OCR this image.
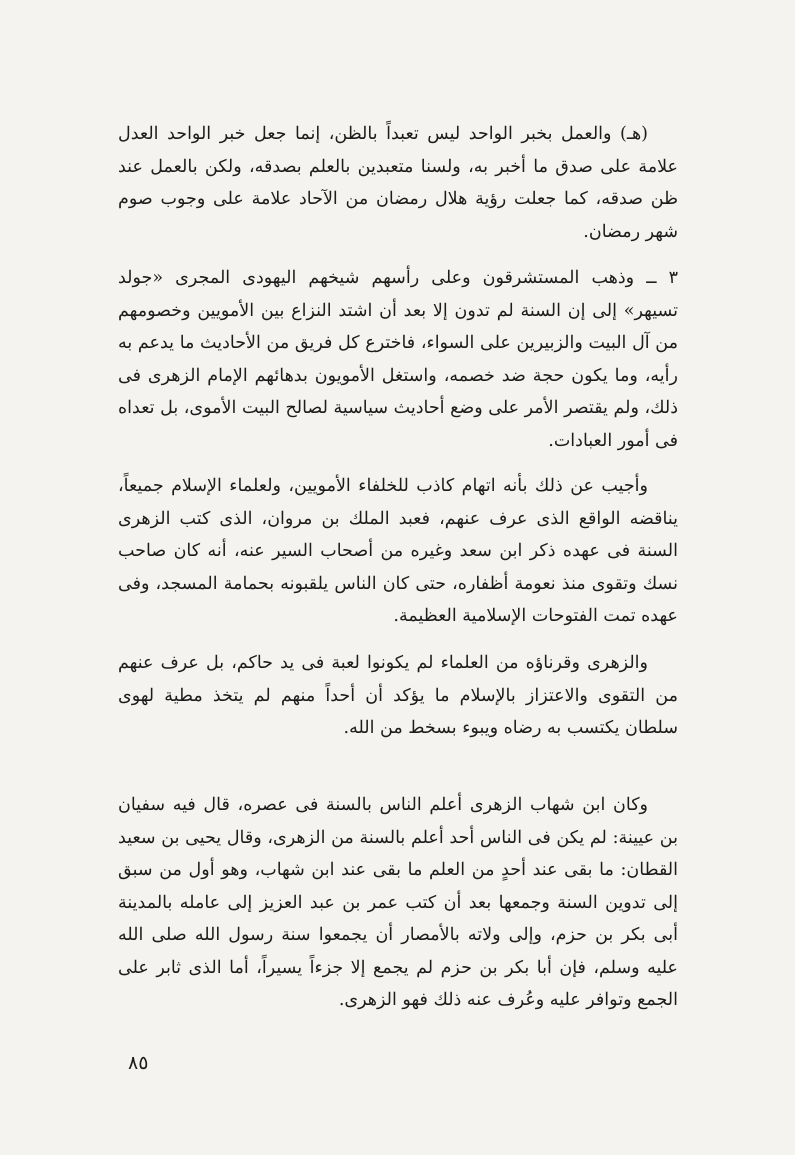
(هـ) والعمل بخبر الواحد ليس تعبداً بالظن، إنما جعل خبر الواحد العدل علامة على صدق ما أخبر به، ولسنا متعبدين بالعلم بصدقه، ولكن بالعمل عند ظن صدقه، كما جعلت رؤية هلال رمضان من الآحاد علامة على وجوب صوم شهر رمضان.

٣ ــ وذهب المستشرقون وعلى رأسهم شيخهم اليهودى المجرى «جولد تسيهر» إلى إن السنة لم تدون إلا بعد أن اشتد النزاع بين الأمويين وخصومهم من آل البيت والزبيرين على السواء، فاخترع كل فريق من الأحاديث ما يدعم به رأيه، وما يكون حجة ضد خصمه، واستغل الأمويون بدهائهم الإمام الزهرى فى ذلك، ولم يقتصر الأمر على وضع أحاديث سياسية لصالح البيت الأموى، بل تعداه فى أمور العبادات.

وأجيب عن ذلك بأنه اتهام كاذب للخلفاء الأمويين، ولعلماء الإسلام جميعاً، يناقضه الواقع الذى عرف عنهم، فعبد الملك بن مروان، الذى كتب الزهرى السنة فى عهده ذكر ابن سعد وغيره من أصحاب السير عنه، أنه كان صاحب نسك وتقوى منذ نعومة أظفاره، حتى كان الناس يلقبونه بحمامة المسجد، وفى عهده تمت الفتوحات الإسلامية العظيمة.

والزهرى وقرناؤه من العلماء لم يكونوا لعبة فى يد حاكم، بل عرف عنهم من التقوى والاعتزاز بالإسلام ما يؤكد أن أحداً منهم لم يتخذ مطية لهوى سلطان يكتسب به رضاه ويبوء بسخط من الله.

وكان ابن شهاب الزهرى أعلم الناس بالسنة فى عصره، قال فيه سفيان بن عيينة: لم يكن فى الناس أحد أعلم بالسنة من الزهرى، وقال يحيى بن سعيد القطان: ما بقى عند أحدٍ من العلم ما بقى عند ابن شهاب، وهو أول من سبق إلى تدوين السنة وجمعها بعد أن كتب عمر بن عبد العزيز إلى عامله بالمدينة أبى بكر بن حزم، وإلى ولاته بالأمصار أن يجمعوا سنة رسول الله صلى الله عليه وسلم، فإن أبا بكر بن حزم لم يجمع إلا جزءاً يسيراً، أما الذى ثابر على الجمع وتوافر عليه وعُرف عنه ذلك فهو الزهرى.

٨٥
